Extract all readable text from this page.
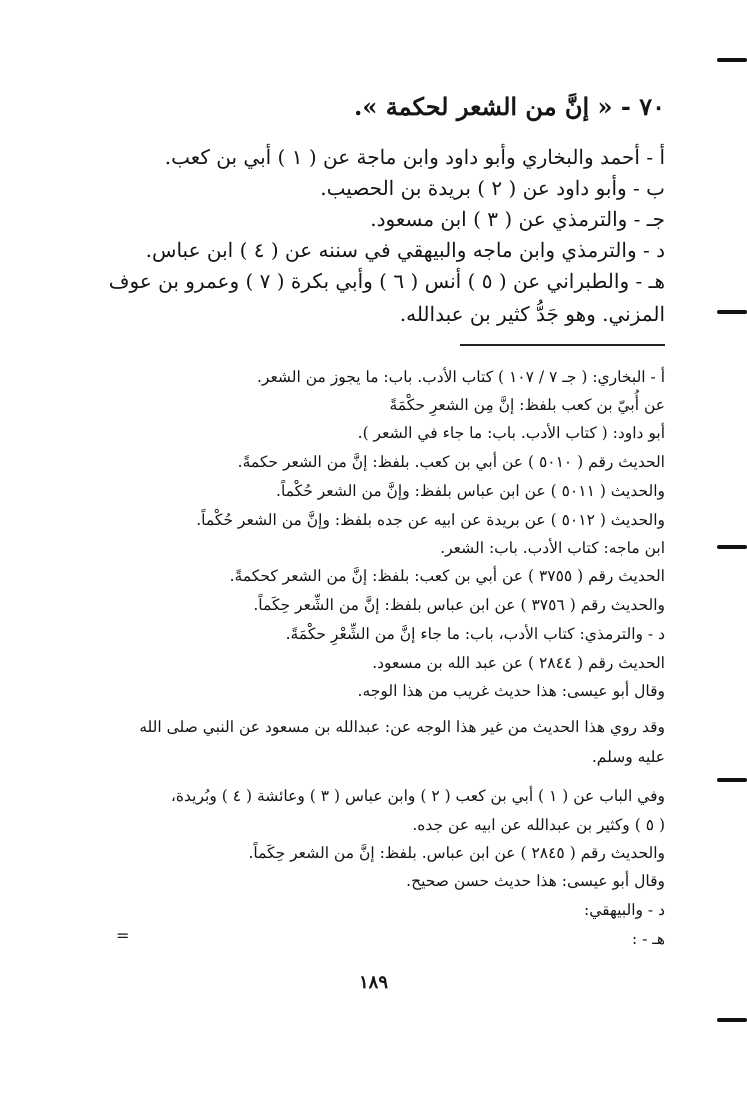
٧٠ - « إنَّ من الشعر لحكمة ».
أ - أحمد والبخاري وأبو داود وابن ماجة عن ( ١ ) أبي بن كعب.
ب - وأبو داود عن ( ٢ ) بريدة بن الحصيب.
جـ - والترمذي عن ( ٣ ) ابن مسعود.
د - والترمذي وابن ماجه والبيهقي في سننه عن ( ٤ ) ابن عباس.
هـ - والطبراني عن ( ٥ ) أنس ( ٦ ) وأبي بكرة ( ٧ ) وعمرو بن عوف
المزني. وهو جَدُّ كثير بن عبدالله.
أ - البخاري: ( جـ ٧ / ١٠٧ ) كتاب الأدب. باب: ما يجوز من الشعر.
عن أُبيّ بن كعب بلفظ: إنَّ مِن الشعرِ حكْمَةً
أبو داود: ( كتاب الأدب. باب: ما جاء في الشعر ).
الحديث رقم ( ٥٠١٠ ) عن أبي بن كعب. بلفظ: إنَّ من الشعر حكمةً.
والحديث ( ٥٠١١ ) عن ابن عباس بلفظ: وإنَّ من الشعر حُكْماً.
والحديث ( ٥٠١٢ ) عن بريدة عن ابيه عن جده بلفظ: وإنَّ من الشعر حُكْماً.
ابن ماجه: كتاب الأدب. باب: الشعر.
الحديث رقم ( ٣٧٥٥ ) عن أبي بن كعب: بلفظ: إنَّ من الشعر كحكمةً.
والحديث رقم ( ٣٧٥٦ ) عن ابن عباس بلفظ: إنَّ من الشِّعر حِكَماً.
د - والترمذي: كتاب الأدب، باب: ما جاء إنَّ من الشِّعْرِ حكْمَةً.
الحديث رقم ( ٢٨٤٤ ) عن عبد الله بن مسعود.
وقال أبو عيسى: هذا حديث غريب من هذا الوجه.
وقد روي هذا الحديث من غير هذا الوجه عن: عبدالله بن مسعود عن النبي صلى الله
عليه وسلم.
وفي الباب عن ( ١ ) أبي بن كعب ( ٢ ) وابن عباس ( ٣ ) وعائشة ( ٤ ) وبُريدة،
( ٥ ) وكثير بن عبدالله عن ابيه عن جده.
والحديث رقم ( ٢٨٤٥ ) عن ابن عباس. بلفظ: إنَّ من الشعر حِكَماً.
وقال أبو عيسى: هذا حديث حسن صحيح.
د - والبيهقي:
هـ - :
=
١٨٩
